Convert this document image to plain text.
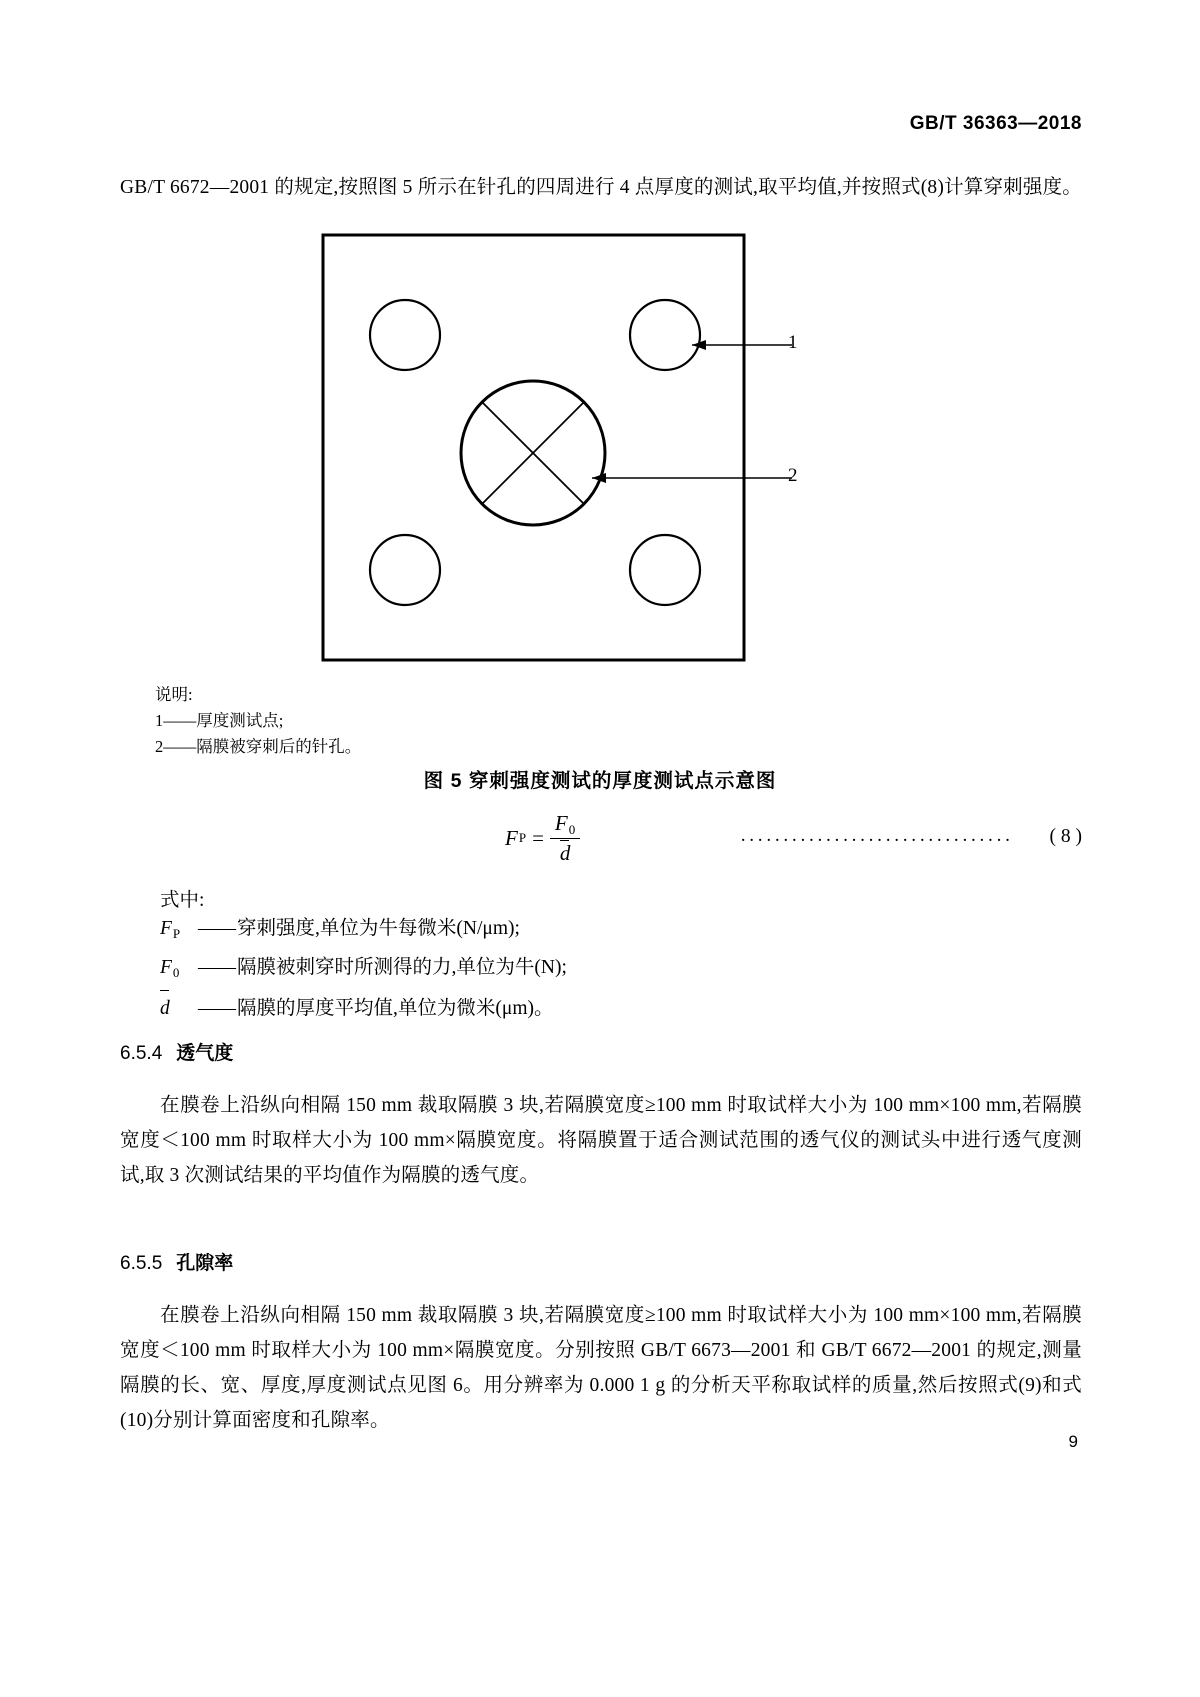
GB/T 36363—2018
GB/T 6672—2001 的规定,按照图 5 所示在针孔的四周进行 4 点厚度的测试,取平均值,并按照式(8)计算穿刺强度。
1
2
说明:
1——厚度测试点;
2——隔膜被穿刺后的针孔。
图 5 穿刺强度测试的厚度测试点示意图
F $P = \frac{F_0}{d}$	································ ( 8 )
式中:
$F_P$ —— 穿刺强度,单位为牛每微米(N/μm);
$F_0$ —— 隔膜被刺穿时所测得的力,单位为牛(N);
d	—— 隔膜的厚度平均值,单位为微米(μm)。
6.5.4 透气度
在膜卷上沿纵向相隔 150 mm 裁取隔膜 3 块,若隔膜宽度≥100 mm 时取试样大小为 100 mm×100 mm,若隔膜宽度＜100 mm 时取样大小为 100 mm×隔膜宽度。将隔膜置于适合测试范围的透气仪的测试头中进行透气度测试,取 3 次测试结果的平均值作为隔膜的透气度。
6.5.5 孔隙率
在膜卷上沿纵向相隔 150 mm 裁取隔膜 3 块,若隔膜宽度≥100 mm 时取试样大小为 100 mm×100 mm,若隔膜宽度＜100 mm 时取样大小为 100 mm×隔膜宽度。分别按照 GB/T 6673—2001 和 GB/T 6672—2001 的规定,测量隔膜的长、宽、厚度,厚度测试点见图 6。用分辨率为 0.000 1 g 的分析天平称取试样的质量,然后按照式(9)和式(10)分别计算面密度和孔隙率。
9
